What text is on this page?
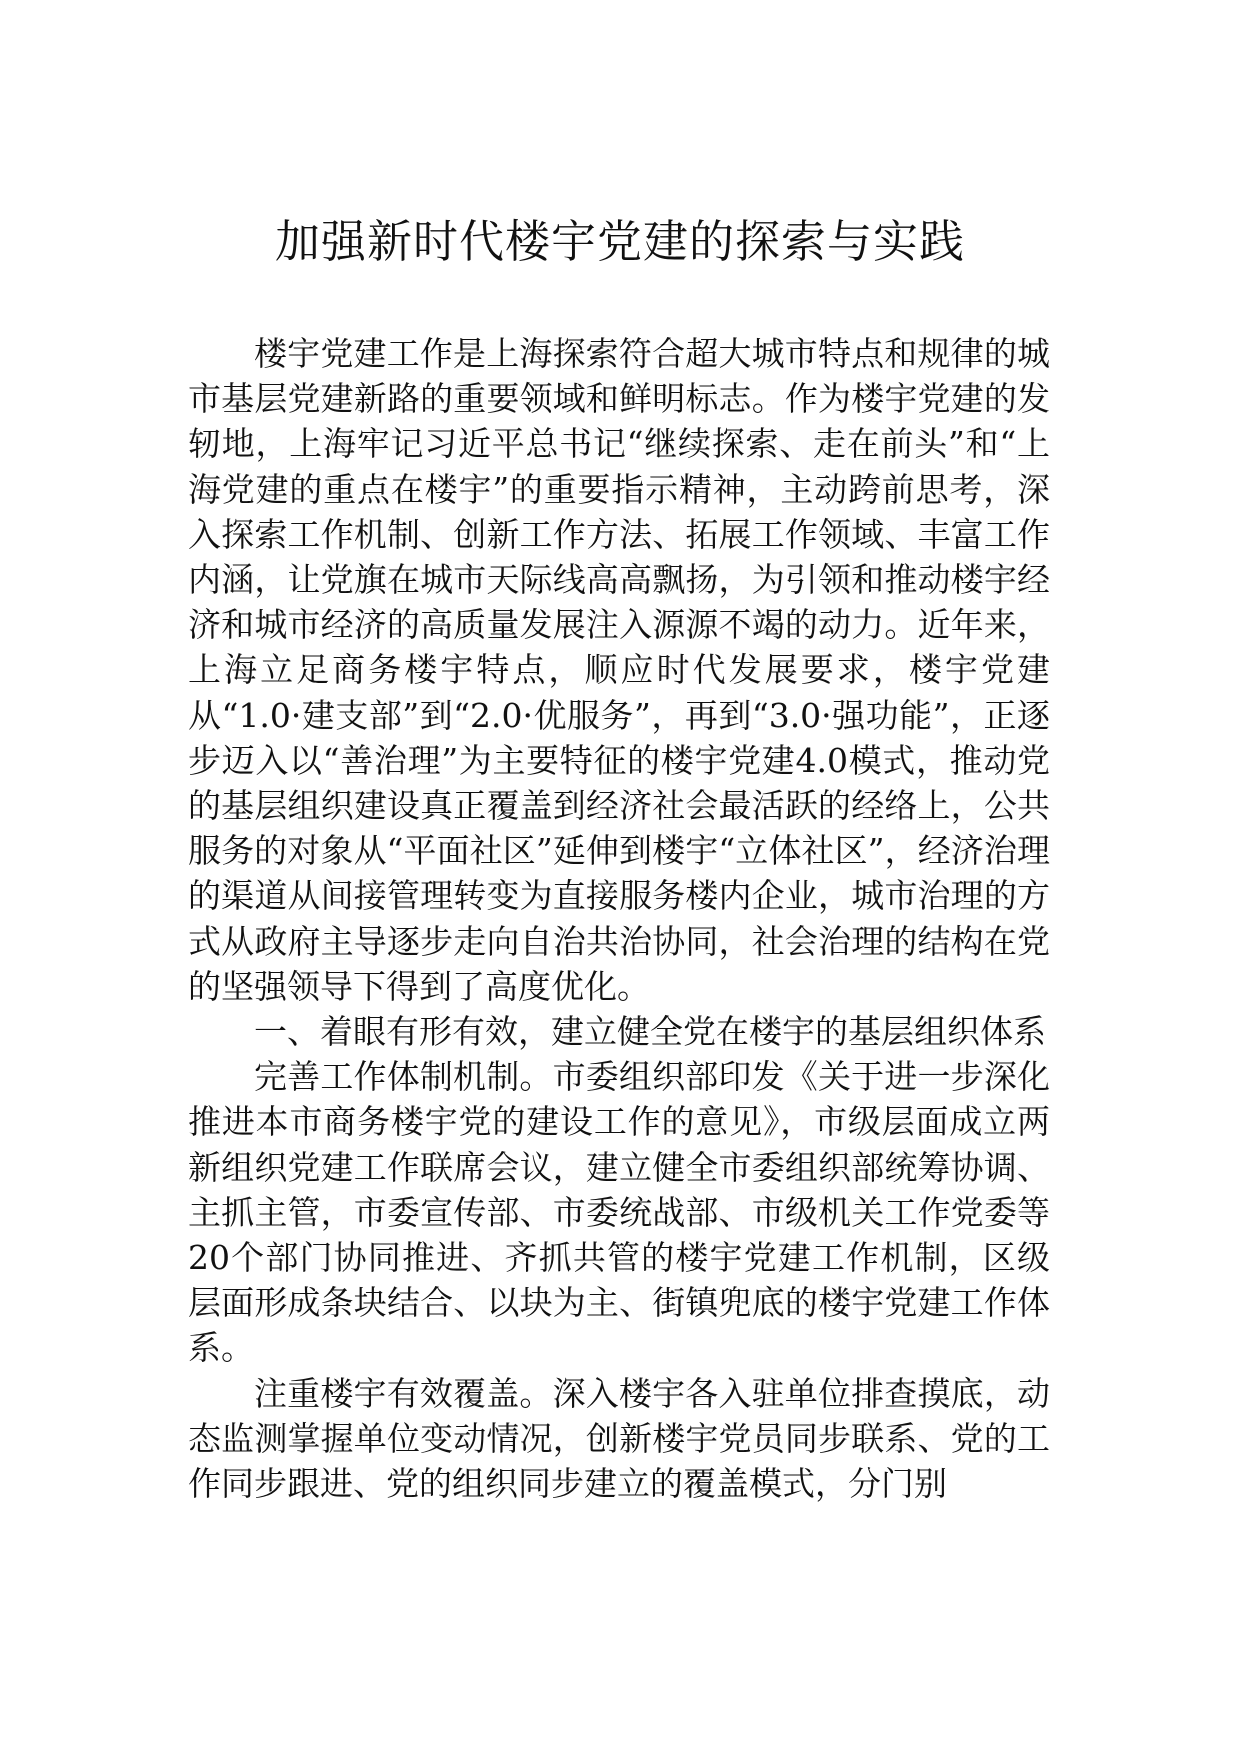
加强新时代楼宇党建的探索与实践

楼宇党建工作是上海探索符合超大城市特点和规律的城市基层党建新路的重要领域和鲜明标志。作为楼宇党建的发轫地，上海牢记习近平总书记“继续探索、走在前头”和“上海党建的重点在楼宇”的重要指示精神，主动跨前思考，深入探索工作机制、创新工作方法、拓展工作领域、丰富工作内涵，让党旗在城市天际线高高飘扬，为引领和推动楼宇经济和城市经济的高质量发展注入源源不竭的动力。近年来，上海立足商务楼宇特点，顺应时代发展要求，楼宇党建从“1.0·建支部”到“2.0·优服务”，再到“3.0·强功能”，正逐步迈入以“善治理”为主要特征的楼宇党建4.0模式，推动党的基层组织建设真正覆盖到经济社会最活跃的经络上，公共服务的对象从“平面社区”延伸到楼宇“立体社区”，经济治理的渠道从间接管理转变为直接服务楼内企业，城市治理的方式从政府主导逐步走向自治共治协同，社会治理的结构在党的坚强领导下得到了高度优化。

一、着眼有形有效，建立健全党在楼宇的基层组织体系

完善工作体制机制。市委组织部印发《关于进一步深化推进本市商务楼宇党的建设工作的意见》，市级层面成立两新组织党建工作联席会议，建立健全市委组织部统筹协调、主抓主管，市委宣传部、市委统战部、市级机关工作党委等20个部门协同推进、齐抓共管的楼宇党建工作机制，区级层面形成条块结合、以块为主、街镇兜底的楼宇党建工作体系。

注重楼宇有效覆盖。深入楼宇各入驻单位排查摸底，动态监测掌握单位变动情况，创新楼宇党员同步联系、党的工作同步跟进、党的组织同步建立的覆盖模式，分门别
